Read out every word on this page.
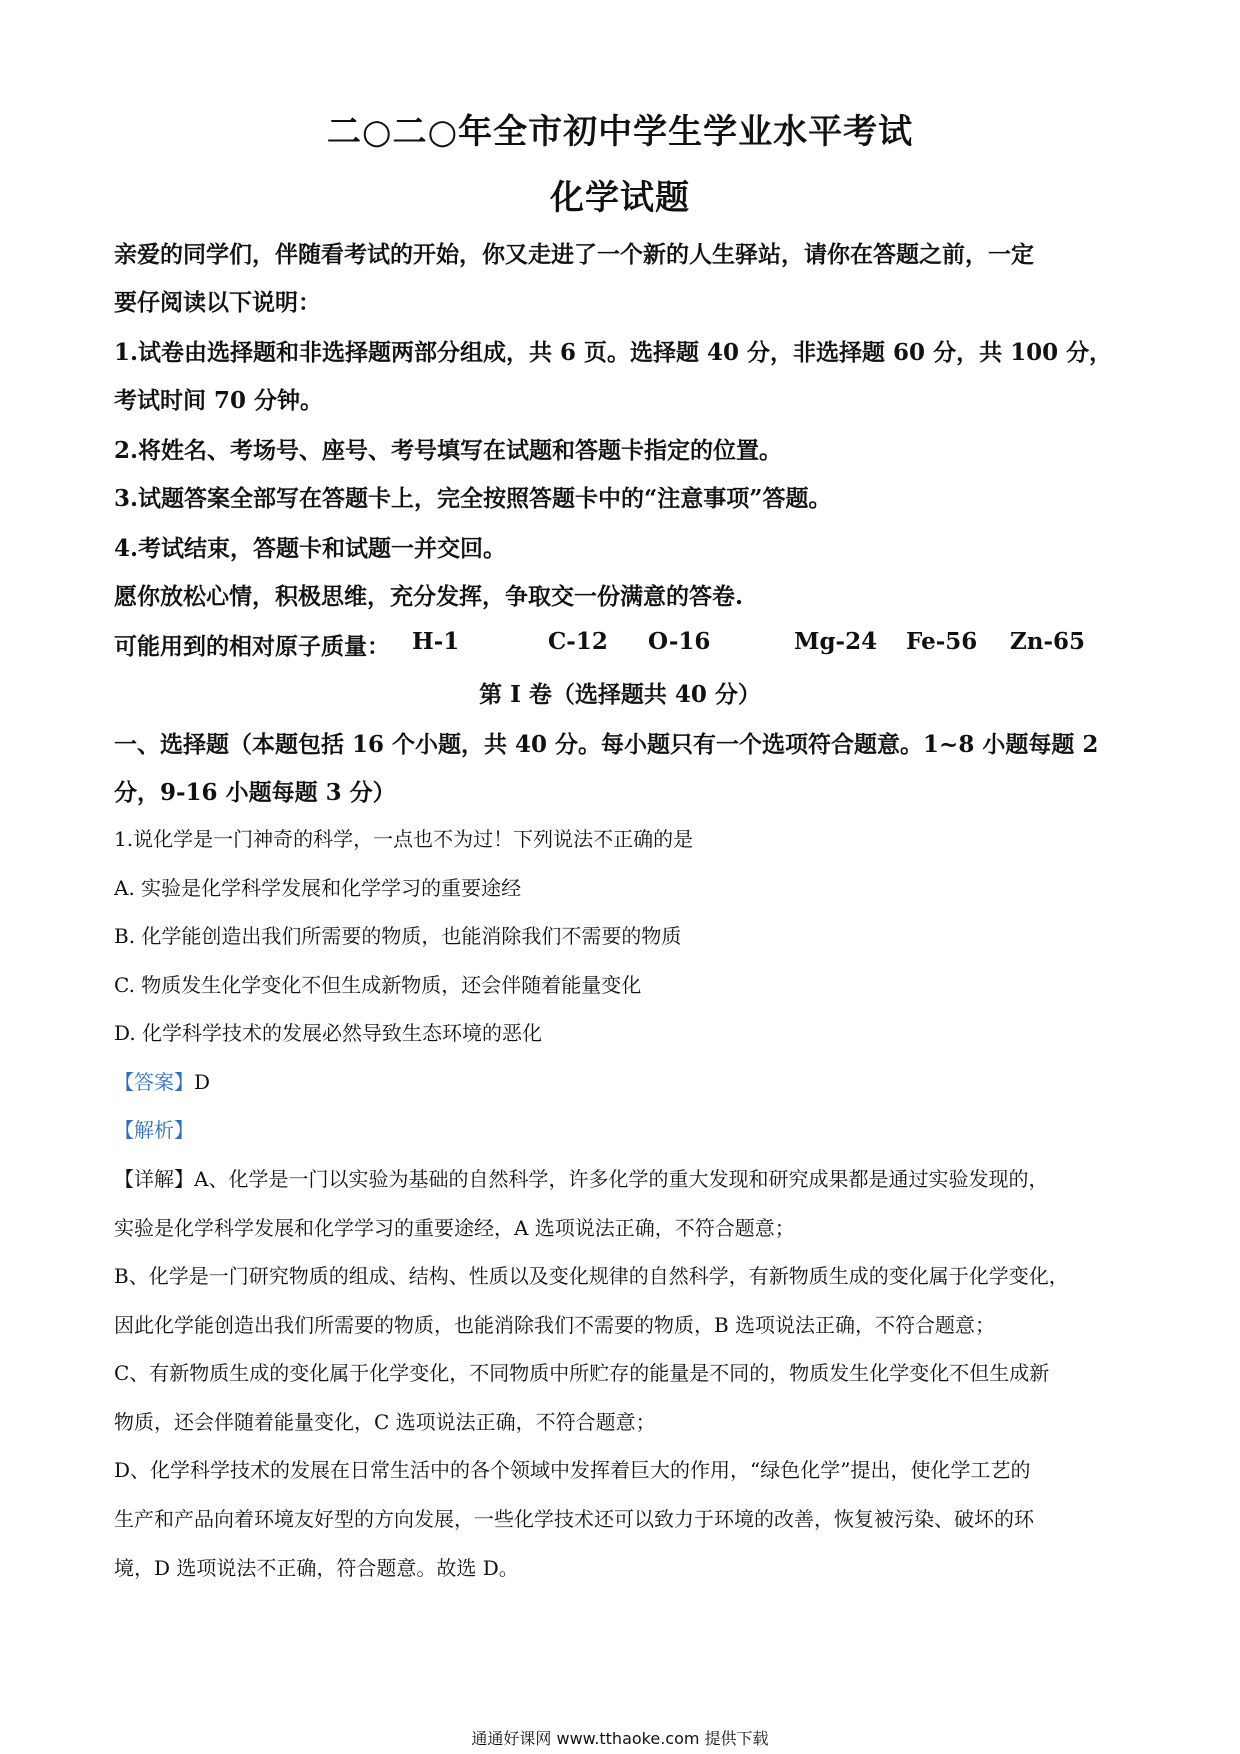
二○二○年全市初中学生学业水平考试
化学试题
亲爱的同学们，伴随看考试的开始，你又走进了一个新的人生驿站，请你在答题之前，一定
要仔阅读以下说明：
1.试卷由选择题和非选择题两部分组成，共 6 页。选择题 40 分，非选择题 60 分，共 100 分，
考试时间 70 分钟。
2.将姓名、考场号、座号、考号填写在试题和答题卡指定的位置。
3.试题答案全部写在答题卡上，完全按照答题卡中的“注意事项”答题。
4.考试结束，答题卡和试题一并交回。
愿你放松心情，积极思维，充分发挥，争取交一份满意的答卷.
可能用到的相对原子质量： H-1	C-12 O-16	Mg-24 Fe-56 Zn-65
第 I 卷（选择题共 40 分）
一、选择题（本题包括 16 个小题，共 40 分。每小题只有一个选项符合题意。1~8 小题每题 2
分，9-16 小题每题 3 分）
1.说化学是一门神奇的科学，一点也不为过！下列说法不正确的是
A. 实验是化学科学发展和化学学习的重要途经
B. 化学能创造出我们所需要的物质，也能消除我们不需要的物质
C. 物质发生化学变化不但生成新物质，还会伴随着能量变化
D. 化学科学技术的发展必然导致生态环境的恶化
【答案】D
【解析】
【详解】A、化学是一门以实验为基础的自然科学，许多化学的重大发现和研究成果都是通过实验发现的，
实验是化学科学发展和化学学习的重要途经，A 选项说法正确，不符合题意；
B、化学是一门研究物质的组成、结构、性质以及变化规律的自然科学，有新物质生成的变化属于化学变化，
因此化学能创造出我们所需要的物质，也能消除我们不需要的物质，B 选项说法正确，不符合题意；
C、有新物质生成的变化属于化学变化，不同物质中所贮存的能量是不同的，物质发生化学变化不但生成新
物质，还会伴随着能量变化，C 选项说法正确，不符合题意；
D、化学科学技术的发展在日常生活中的各个领域中发挥着巨大的作用，“绿色化学”提出，使化学工艺的
生产和产品向着环境友好型的方向发展，一些化学技术还可以致力于环境的改善，恢复被污染、破坏的环
境，D 选项说法不正确，符合题意。故选 D。
通通好课网 www.tthaoke.com 提供下载
